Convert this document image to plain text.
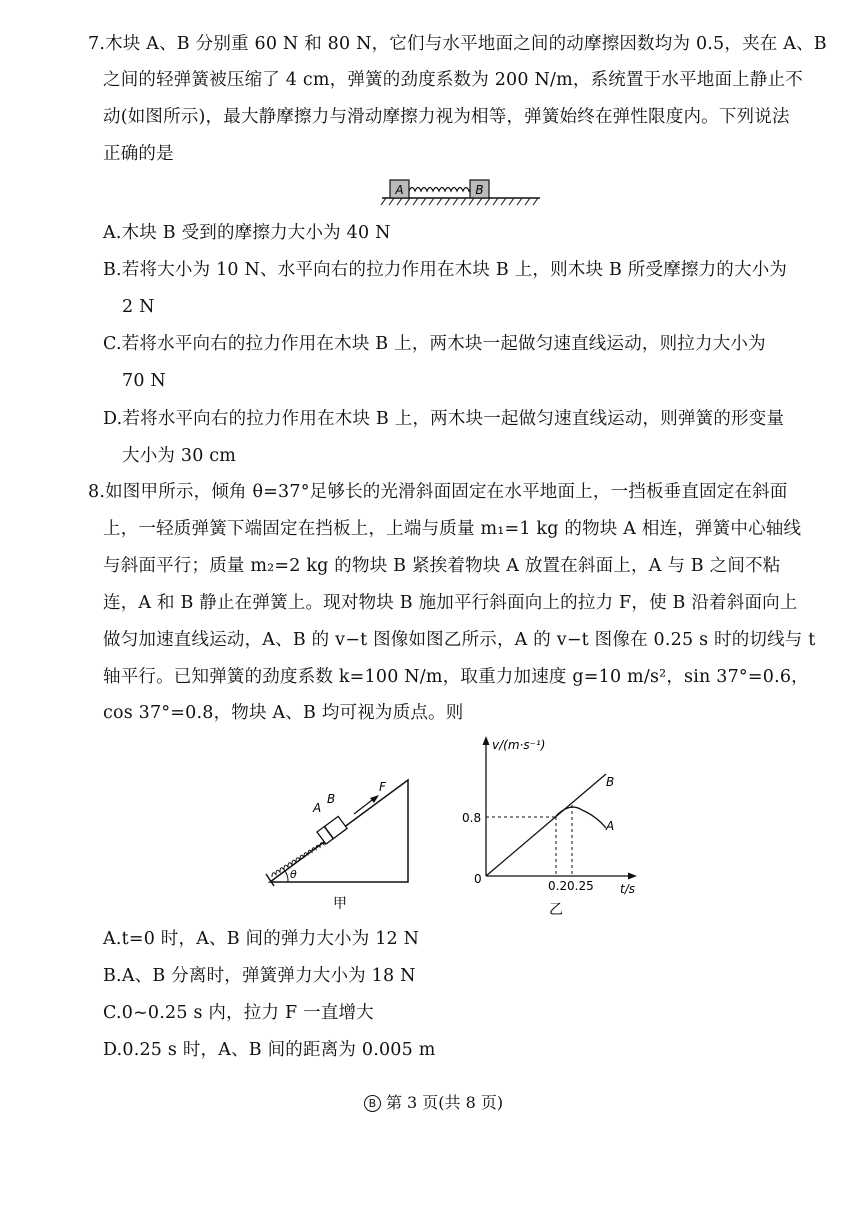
7.木块 A、B 分别重 60 N 和 80 N，它们与水平地面之间的动摩擦因数均为 0.5，夹在 A、B
之间的轻弹簧被压缩了 4 cm，弹簧的劲度系数为 200 N/m，系统置于水平地面上静止不
动(如图所示)，最大静摩擦力与滑动摩擦力视为相等，弹簧始终在弹性限度内。下列说法
正确的是
A	B
A.木块 B 受到的摩擦力大小为 40 N
B.若将大小为 10 N、水平向右的拉力作用在木块 B 上，则木块 B 所受摩擦力的大小为
2 N
C.若将水平向右的拉力作用在木块 B 上，两木块一起做匀速直线运动，则拉力大小为
70 N
D.若将水平向右的拉力作用在木块 B 上，两木块一起做匀速直线运动，则弹簧的形变量
大小为 30 cm
8.如图甲所示，倾角 θ=37°足够长的光滑斜面固定在水平地面上，一挡板垂直固定在斜面
上，一轻质弹簧下端固定在挡板上，上端与质量 m₁=1 kg 的物块 A 相连，弹簧中心轴线
与斜面平行；质量 m₂=2 kg 的物块 B 紧挨着物块 A 放置在斜面上，A 与 B 之间不粘
连，A 和 B 静止在弹簧上。现对物块 B 施加平行斜面向上的拉力 F，使 B 沿着斜面向上
做匀加速直线运动，A、B 的 v−t 图像如图乙所示，A 的 v−t 图像在 0.25 s 时的切线与 t
轴平行。已知弹簧的劲度系数 k=100 N/m，取重力加速度 g=10 m/s²，sin 37°=0.6，
cos 37°=0.8，物块 A、B 均可视为质点。则
A
B
F
θ
甲
v/(m·s⁻¹)
t/s
0
B
A
0.8
0.2 0.25
乙
A.t=0 时，A、B 间的弹力大小为 12 N
B.A、B 分离时，弹簧弹力大小为 18 N
C.0~0.25 s 内，拉力 F 一直增大
D.0.25 s 时，A、B 间的距离为 0.005 m
B 第 3 页(共 8 页)
